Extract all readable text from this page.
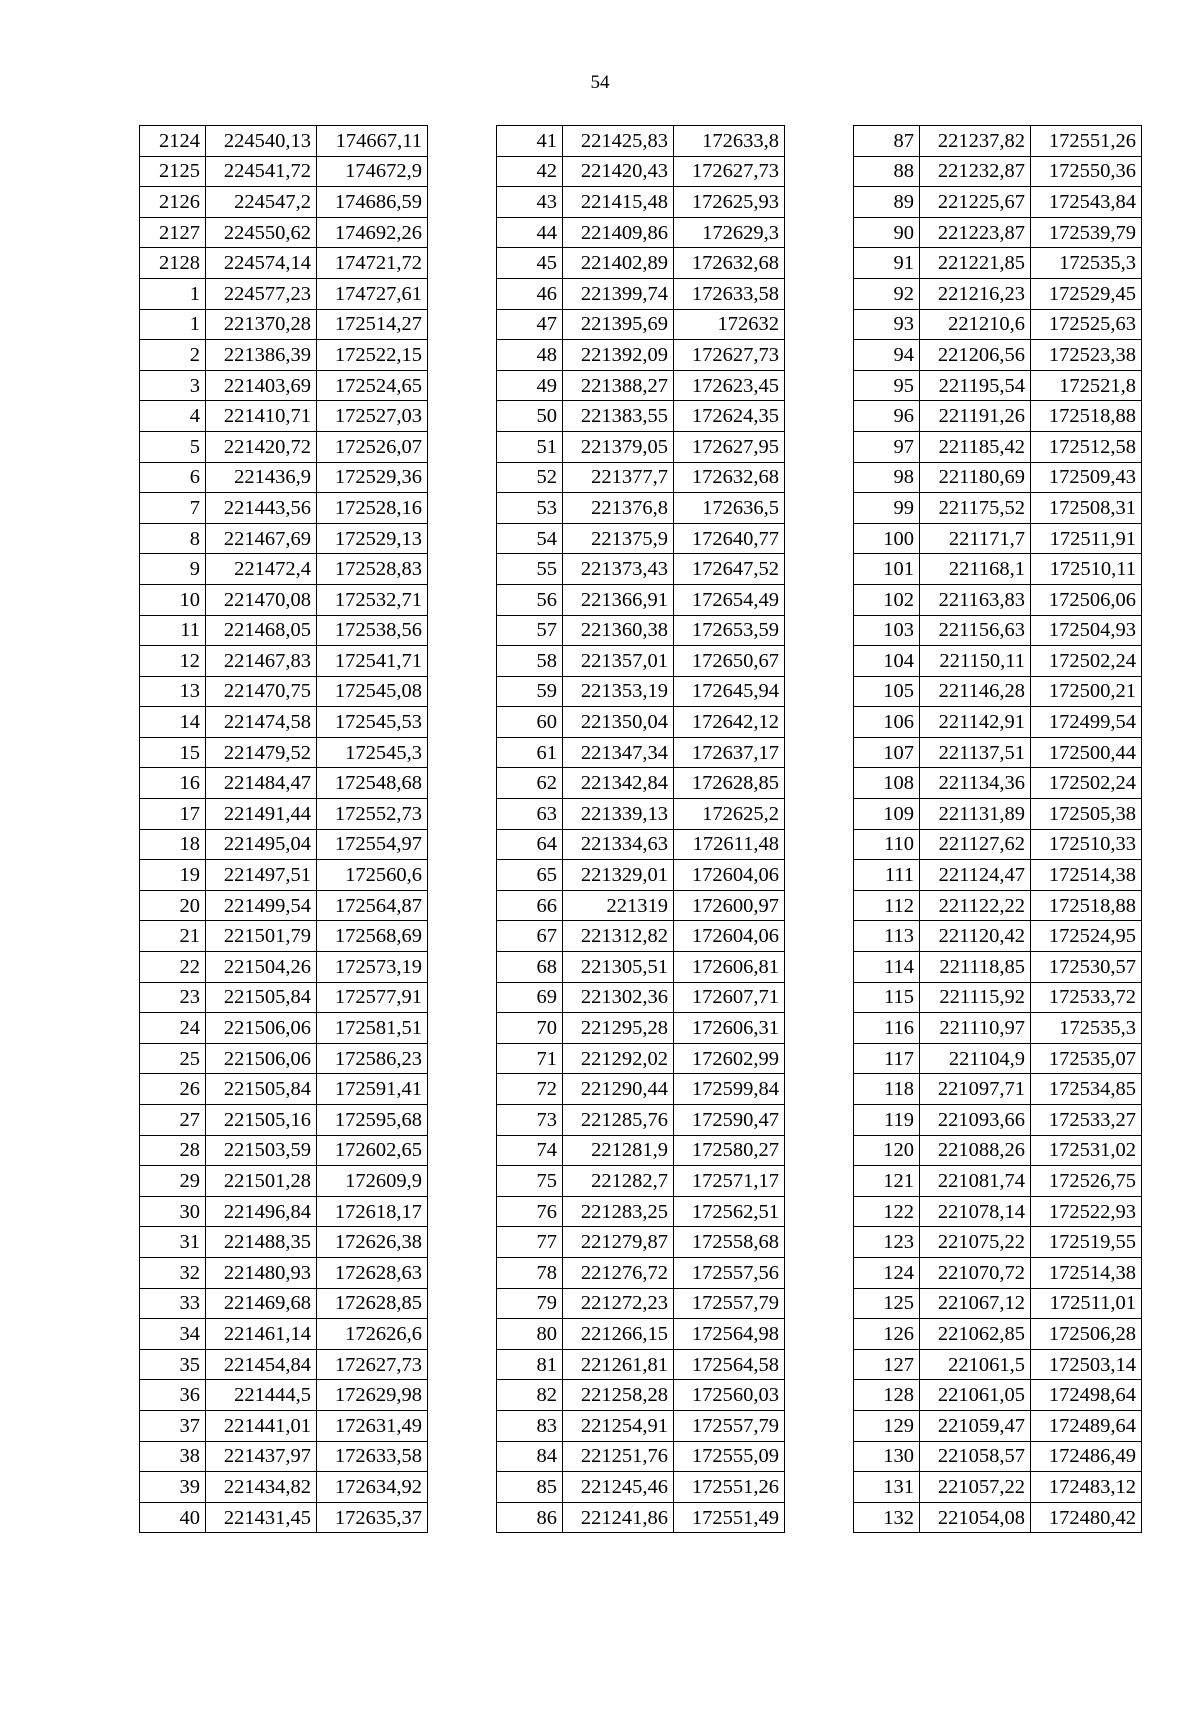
54
2124	224540,13	174667,11
2125	224541,72	174672,9
2126	224547,2	174686,59
2127	224550,62	174692,26
2128	224574,14	174721,72
1	224577,23	174727,61
1	221370,28	172514,27
2	221386,39	172522,15
3	221403,69	172524,65
4	221410,71	172527,03
5	221420,72	172526,07
6	221436,9	172529,36
7	221443,56	172528,16
8	221467,69	172529,13
9	221472,4	172528,83
10	221470,08	172532,71
11	221468,05	172538,56
12	221467,83	172541,71
13	221470,75	172545,08
14	221474,58	172545,53
15	221479,52	172545,3
16	221484,47	172548,68
17	221491,44	172552,73
18	221495,04	172554,97
19	221497,51	172560,6
20	221499,54	172564,87
21	221501,79	172568,69
22	221504,26	172573,19
23	221505,84	172577,91
24	221506,06	172581,51
25	221506,06	172586,23
26	221505,84	172591,41
27	221505,16	172595,68
28	221503,59	172602,65
29	221501,28	172609,9
30	221496,84	172618,17
31	221488,35	172626,38
32	221480,93	172628,63
33	221469,68	172628,85
34	221461,14	172626,6
35	221454,84	172627,73
36	221444,5	172629,98
37	221441,01	172631,49
38	221437,97	172633,58
39	221434,82	172634,92
40	221431,45	172635,37
41	221425,83	172633,8
42	221420,43	172627,73
43	221415,48	172625,93
44	221409,86	172629,3
45	221402,89	172632,68
46	221399,74	172633,58
47	221395,69	172632
48	221392,09	172627,73
49	221388,27	172623,45
50	221383,55	172624,35
51	221379,05	172627,95
52	221377,7	172632,68
53	221376,8	172636,5
54	221375,9	172640,77
55	221373,43	172647,52
56	221366,91	172654,49
57	221360,38	172653,59
58	221357,01	172650,67
59	221353,19	172645,94
60	221350,04	172642,12
61	221347,34	172637,17
62	221342,84	172628,85
63	221339,13	172625,2
64	221334,63	172611,48
65	221329,01	172604,06
66	221319	172600,97
67	221312,82	172604,06
68	221305,51	172606,81
69	221302,36	172607,71
70	221295,28	172606,31
71	221292,02	172602,99
72	221290,44	172599,84
73	221285,76	172590,47
74	221281,9	172580,27
75	221282,7	172571,17
76	221283,25	172562,51
77	221279,87	172558,68
78	221276,72	172557,56
79	221272,23	172557,79
80	221266,15	172564,98
81	221261,81	172564,58
82	221258,28	172560,03
83	221254,91	172557,79
84	221251,76	172555,09
85	221245,46	172551,26
86	221241,86	172551,49
87	221237,82	172551,26
88	221232,87	172550,36
89	221225,67	172543,84
90	221223,87	172539,79
91	221221,85	172535,3
92	221216,23	172529,45
93	221210,6	172525,63
94	221206,56	172523,38
95	221195,54	172521,8
96	221191,26	172518,88
97	221185,42	172512,58
98	221180,69	172509,43
99	221175,52	172508,31
100	221171,7	172511,91
101	221168,1	172510,11
102	221163,83	172506,06
103	221156,63	172504,93
104	221150,11	172502,24
105	221146,28	172500,21
106	221142,91	172499,54
107	221137,51	172500,44
108	221134,36	172502,24
109	221131,89	172505,38
110	221127,62	172510,33
111	221124,47	172514,38
112	221122,22	172518,88
113	221120,42	172524,95
114	221118,85	172530,57
115	221115,92	172533,72
116	221110,97	172535,3
117	221104,9	172535,07
118	221097,71	172534,85
119	221093,66	172533,27
120	221088,26	172531,02
121	221081,74	172526,75
122	221078,14	172522,93
123	221075,22	172519,55
124	221070,72	172514,38
125	221067,12	172511,01
126	221062,85	172506,28
127	221061,5	172503,14
128	221061,05	172498,64
129	221059,47	172489,64
130	221058,57	172486,49
131	221057,22	172483,12
132	221054,08	172480,42
